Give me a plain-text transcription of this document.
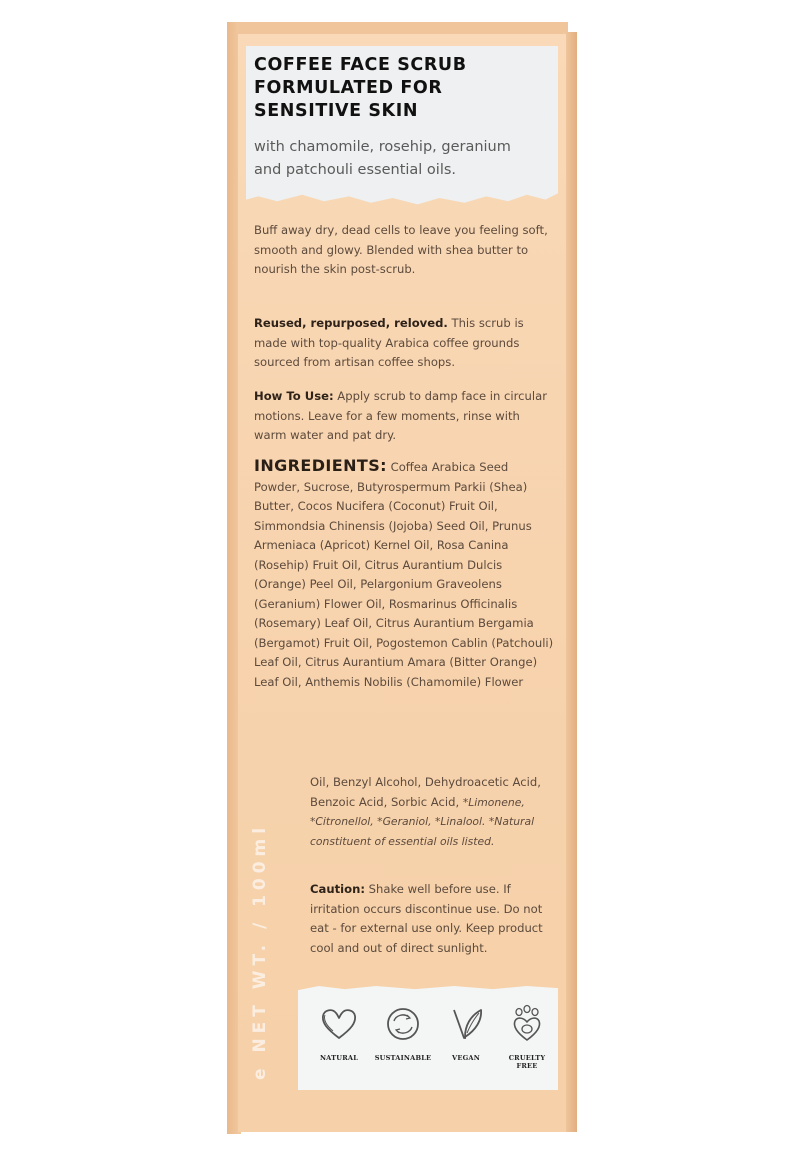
COFFEE FACE SCRUB
FORMULATED FOR
SENSITIVE SKIN

with chamomile, rosehip, geranium
and patchouli essential oils.

Buff away dry, dead cells to leave you feeling soft, smooth and glowy. Blended with shea butter to nourish the skin post-scrub.

Reused, repurposed, reloved. This scrub is made with top-quality Arabica coffee grounds sourced from artisan coffee shops.

How To Use: Apply scrub to damp face in circular motions. Leave for a few moments, rinse with warm water and pat dry.

INGREDIENTS: Coffea Arabica Seed Powder, Sucrose, Butyrospermum Parkii (Shea) Butter, Cocos Nucifera (Coconut) Fruit Oil, Simmondsia Chinensis (Jojoba) Seed Oil, Prunus Armeniaca (Apricot) Kernel Oil, Rosa Canina (Rosehip) Fruit Oil, Citrus Aurantium Dulcis (Orange) Peel Oil, Pelargonium Graveolens (Geranium) Flower Oil, Rosmarinus Officinalis (Rosemary) Leaf Oil, Citrus Aurantium Bergamia (Bergamot) Fruit Oil, Pogostemon Cablin (Patchouli) Leaf Oil, Citrus Aurantium Amara (Bitter Orange) Leaf Oil, Anthemis Nobilis (Chamomile) Flower

Oil, Benzyl Alcohol, Dehydroacetic Acid, Benzoic Acid, Sorbic Acid, *Limonene, *Citronellol, *Geraniol, *Linalool. *Natural constituent of essential oils listed.

Caution: Shake well before use. If irritation occurs discontinue use. Do not eat - for external use only. Keep product cool and out of direct sunlight.

e NET WT. / 100ml	NATURAL	SUSTAINABLE	VEGAN	CRUELTY
FREE
